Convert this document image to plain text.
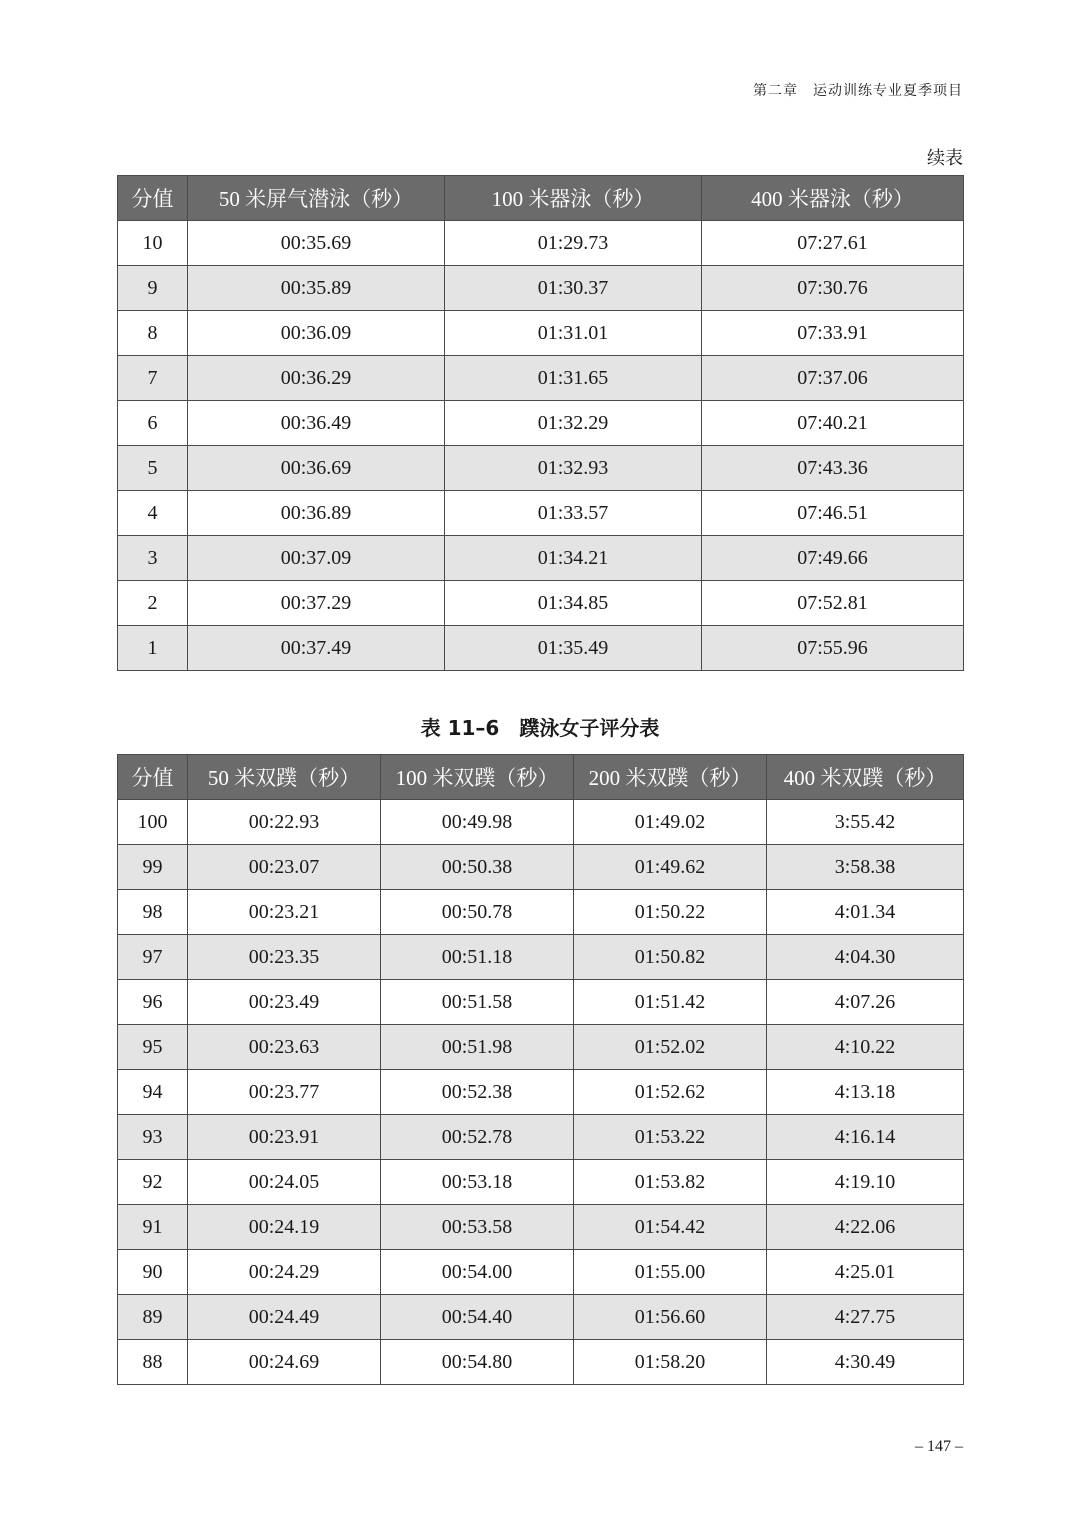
第二章　运动训练专业夏季项目
续表
分值	50 米屏气潜泳（秒）	100 米器泳（秒）	400 米器泳（秒）
10	00:35.69	01:29.73	07:27.61
9	00:35.89	01:30.37	07:30.76
8	00:36.09	01:31.01	07:33.91
7	00:36.29	01:31.65	07:37.06
6	00:36.49	01:32.29	07:40.21
5	00:36.69	01:32.93	07:43.36
4	00:36.89	01:33.57	07:46.51
3	00:37.09	01:34.21	07:49.66
2	00:37.29	01:34.85	07:52.81
1	00:37.49	01:35.49	07:55.96
表 11–6　蹼泳女子评分表
分值	50 米双蹼（秒）	100 米双蹼（秒）	200 米双蹼（秒）	400 米双蹼（秒）
100	00:22.93	00:49.98	01:49.02	3:55.42
99	00:23.07	00:50.38	01:49.62	3:58.38
98	00:23.21	00:50.78	01:50.22	4:01.34
97	00:23.35	00:51.18	01:50.82	4:04.30
96	00:23.49	00:51.58	01:51.42	4:07.26
95	00:23.63	00:51.98	01:52.02	4:10.22
94	00:23.77	00:52.38	01:52.62	4:13.18
93	00:23.91	00:52.78	01:53.22	4:16.14
92	00:24.05	00:53.18	01:53.82	4:19.10
91	00:24.19	00:53.58	01:54.42	4:22.06
90	00:24.29	00:54.00	01:55.00	4:25.01
89	00:24.49	00:54.40	01:56.60	4:27.75
88	00:24.69	00:54.80	01:58.20	4:30.49
– 147 –
